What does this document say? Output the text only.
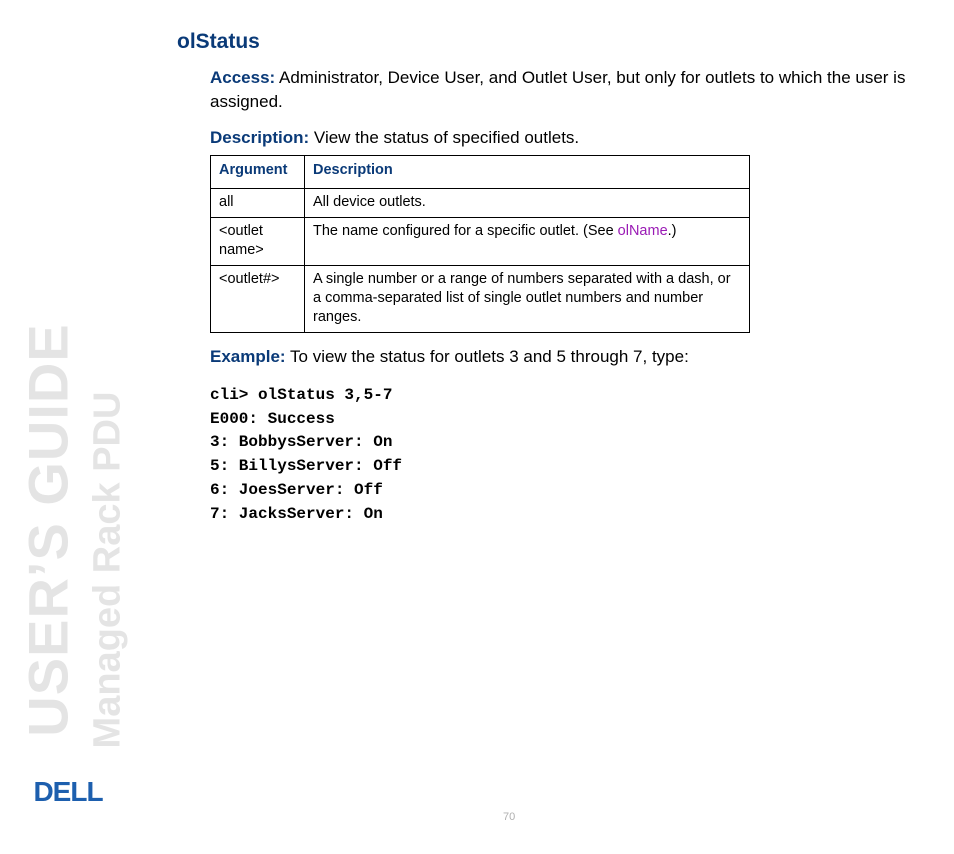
olStatus
Access: Administrator, Device User, and Outlet User, but only for outlets to which the user is assigned.
Description: View the status of specified outlets.
Argument	Description
all	All device outlets.
<outlet name>	The name configured for a specific outlet. (See olName.)
<outlet#>	A single number or a range of numbers separated with a dash, or a comma-separated list of single outlet numbers and number ranges.
Example: To view the status for outlets 3 and 5 through 7, type:
cli> olStatus 3,5-7
E000: Success
3: BobbysServer: On
5: BillysServer: Off
6: JoesServer: Off
7: JacksServer: On
USER’S GUIDE Managed Rack PDU
DELL
70
